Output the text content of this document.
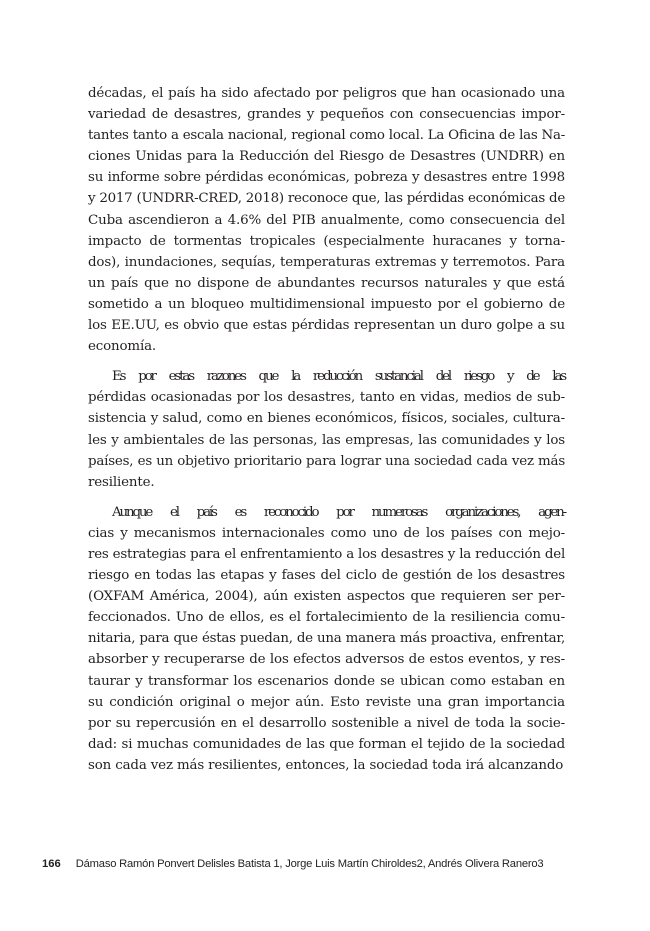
décadas, el país ha sido afectado por peligros que han ocasionado una
variedad de desastres, grandes y pequeños con consecuencias impor-
tantes tanto a escala nacional, regional como local. La Oficina de las Na-
ciones Unidas para la Reducción del Riesgo de Desastres (UNDRR) en
su informe sobre pérdidas económicas, pobreza y desastres entre 1998
y 2017 (UNDRR-CRED, 2018) reconoce que, las pérdidas económicas de
Cuba ascendieron a 4.6% del PIB anualmente, como consecuencia del
impacto de tormentas tropicales (especialmente huracanes y torna-
dos), inundaciones, sequías, temperaturas extremas y terremotos. Para
un país que no dispone de abundantes recursos naturales y que está
sometido a un bloqueo multidimensional impuesto por el gobierno de
los EE.UU, es obvio que estas pérdidas representan un duro golpe a su
economía.

Es por estas razones que la reducción sustancial del riesgo y de las
pérdidas ocasionadas por los desastres, tanto en vidas, medios de sub-
sistencia y salud, como en bienes económicos, físicos, sociales, cultura-
les y ambientales de las personas, las empresas, las comunidades y los
países, es un objetivo prioritario para lograr una sociedad cada vez más
resiliente.

Aunque el país es reconocido por numerosas organizaciones, agen-
cias y mecanismos internacionales como uno de los países con mejo-
res estrategias para el enfrentamiento a los desastres y la reducción del
riesgo en todas las etapas y fases del ciclo de gestión de los desastres
(OXFAM América, 2004), aún existen aspectos que requieren ser per-
feccionados. Uno de ellos, es el fortalecimiento de la resiliencia comu-
nitaria, para que éstas puedan, de una manera más proactiva, enfrentar,
absorber y recuperarse de los efectos adversos de estos eventos, y res-
taurar y transformar los escenarios donde se ubican como estaban en
su condición original o mejor aún. Esto reviste una gran importancia
por su repercusión en el desarrollo sostenible a nivel de toda la socie-
dad: si muchas comunidades de las que forman el tejido de la sociedad
son cada vez más resilientes, entonces, la sociedad toda irá alcanzando

166 Dámaso Ramón Ponvert Delisles Batista 1, Jorge Luis Martín Chiroldes2, Andrés Olivera Ranero3
